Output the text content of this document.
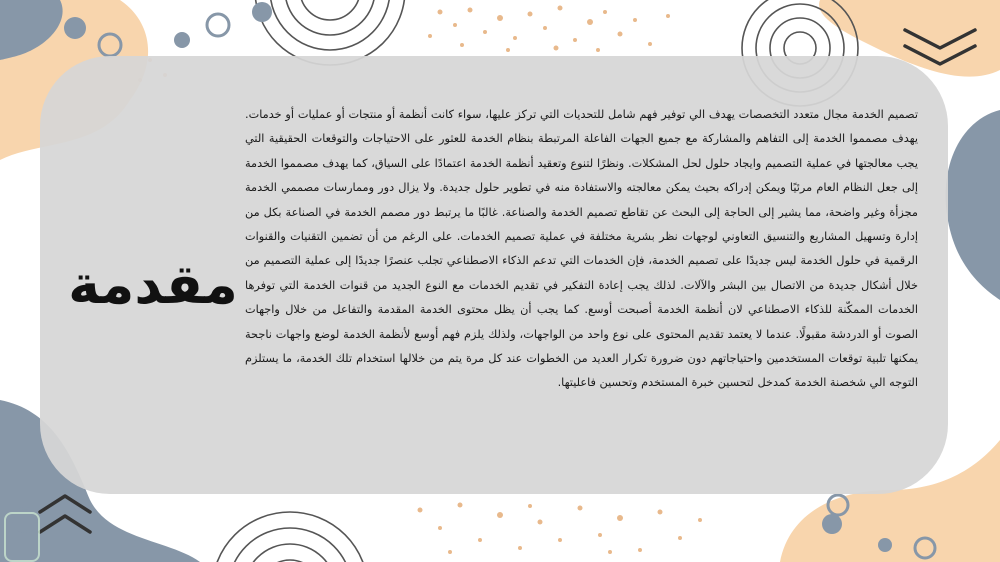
مقدمة

تصميم الخدمة مجال متعدد التخصصات يهدف الي توفير فهم شامل للتحديات التي تركز عليها، سواء كانت أنظمة أو منتجات أو عمليات أو خدمات. يهدف مصمموا الخدمة إلى التفاهم والمشاركة مع جميع الجهات الفاعلة المرتبطة بنظام الخدمة للعثور على الاحتياجات والتوقعات الحقيقية التي يجب معالجتها في عملية التصميم وايجاد حلول لحل المشكلات. ونظرًا لتنوع وتعقيد أنظمة الخدمة اعتمادًا على السياق، كما يهدف مصمموا الخدمة إلى جعل النظام العام مرئيًا ويمكن إدراكه بحيث يمكن معالجته والاستفادة منه في تطوير حلول جديدة. ولا يزال دور وممارسات مصممي الخدمة مجزأة وغير واضحة، مما يشير إلى الحاجة إلى البحث عن تقاطع تصميم الخدمة والصناعة. غالبًا ما يرتبط دور مصمم الخدمة في الصناعة بكل من إدارة وتسهيل المشاريع والتنسيق التعاوني لوجهات نظر بشرية مختلفة في عملية تصميم الخدمات. على الرغم من أن تضمين التقنيات والقنوات الرقمية في حلول الخدمة ليس جديدًا على تصميم الخدمة، فإن الخدمات التي تدعم الذكاء الاصطناعي تجلب عنصرًا جديدًا إلى عملية التصميم من خلال أشكال جديدة من الاتصال بين البشر والآلات. لذلك يجب إعادة التفكير في تقديم الخدمات مع النوع الجديد من قنوات الخدمة التي توفرها الخدمات الممكّنة للذكاء الاصطناعي لان أنظمة الخدمة أصبحت أوسع. كما يجب أن يظل محتوى الخدمة المقدمة والتفاعل من خلال واجهات الصوت أو الدردشة مقبولًا. عندما لا يعتمد تقديم المحتوى على نوع واحد من الواجهات، ولذلك يلزم فهم أوسع لأنظمة الخدمة لوضع واجهات ناجحة يمكنها تلبية توقعات المستخدمين واحتياجاتهم دون ضرورة تكرار العديد من الخطوات عند كل مرة يتم من خلالها استخدام تلك الخدمة، ما يستلزم التوجه الي شخصنة الخدمة كمدخل لتحسين خبرة المستخدم وتحسين فاعليتها.
